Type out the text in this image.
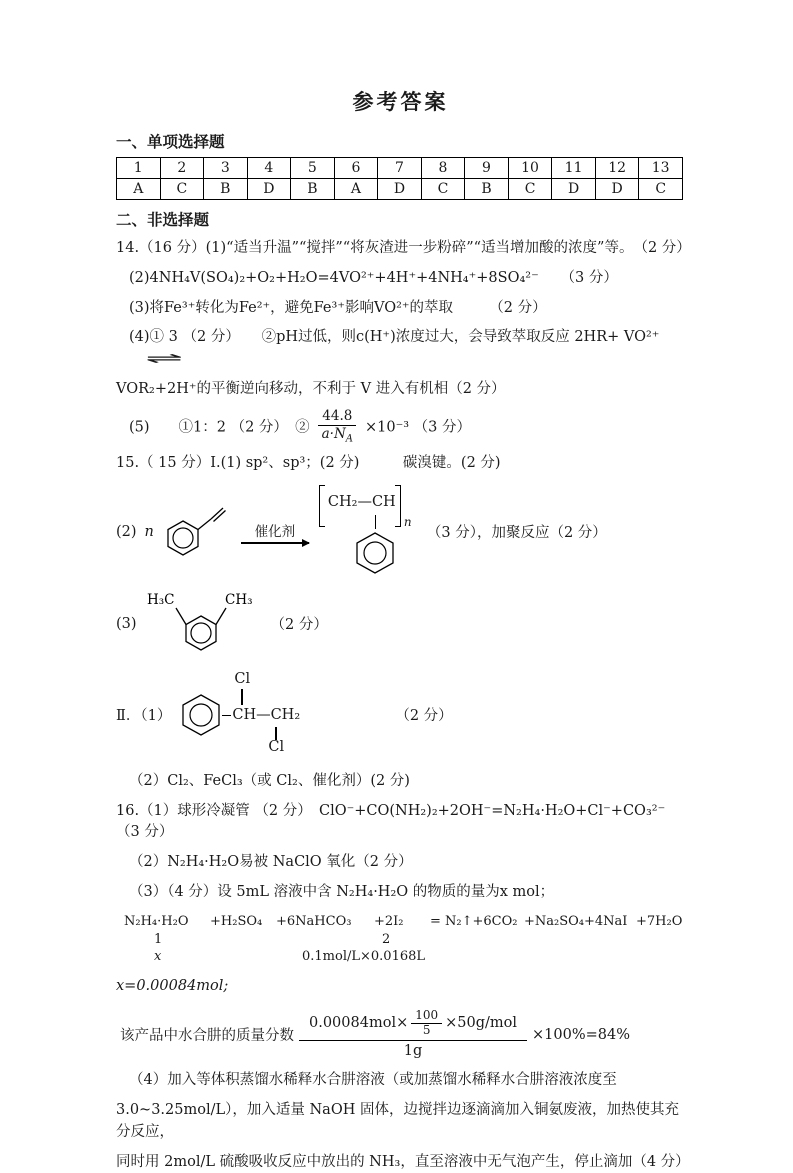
参考答案
一、单项选择题
1	2	3	4	5	6	7	8	9	10	11	12	13
A	C	B	D	B	A	D	C	B	C	D	D	C
二、非选择题

14.（16 分）(1)“适当升温”“搅拌”“将灰渣进一步粉碎”“适当增加酸的浓度”等。　（2 分）

(2)4NH₄V(SO₄)₂+O₂+H₂O=4VO²⁺+4H⁺+4NH₄⁺+8SO₄²⁻　　（3 分）

(3)将Fe³⁺转化为Fe²⁺，避免Fe³⁺影响VO²⁺的萃取　　　（2 分）

(4)① 3 （2 分）　　②pH过低，则c(H⁺)浓度过大，会导致萃取反应 2HR+ VO²⁺⇌

VOR₂+2H⁺的平衡逆向移动，不利于 V 进入有机相（2 分）

(5)　　①1：2 （2 分）　② $\frac{44.8}{a\cdot N_A} \times 10^{-3}$ （3 分）

15.（ 15 分）Ⅰ.(1) sp²、sp³；(2 分)　　　碳溴键。(2 分)

(2) n	催化剂
CH₂—CH
n
（3 分），加聚反应（2 分）
(3)
H₃C	CH₃
（2 分）
Ⅱ．（1）
Cl
CH—CH₂
Cl
（2 分）

（2）Cl₂、FeCl₃（或 Cl₂、催化剂）(2 分)

16.（1）球形冷凝管 （2 分）　ClO⁻+CO(NH₂)₂+2OH⁻=N₂H₄·H₂O+Cl⁻+CO₃²⁻ （3 分）

（2）N₂H₄·H₂O易被 NaClO 氧化（2 分）

（3）（4 分）设 5mL 溶液中含 N₂H₄·H₂O 的物质的量为x mol；

N₂H₄·H₂O +H₂SO₄ +6NaHCO₃ +2I₂ = N₂↑+6CO₂ +Na₂SO₄+4NaI +7H₂O
1	2
x	0.1mol/L×0.0168L

x=0.00084mol;

该产品中水合肼的质量分数
$0.00084mol\times \frac{100}{5} \times 50g/mol$
1g
×100%=84%

（4）加入等体积蒸馏水稀释水合肼溶液（或加蒸馏水稀释水合肼溶液浓度至

3.0~3.25mol/L），加入适量 NaOH 固体，边搅拌边逐滴滴加入铜氨废液，加热使其充分反应，

同时用 2mol/L 硫酸吸收反应中放出的 NH₃，直至溶液中无气泡产生，停止滴加（4 分）
